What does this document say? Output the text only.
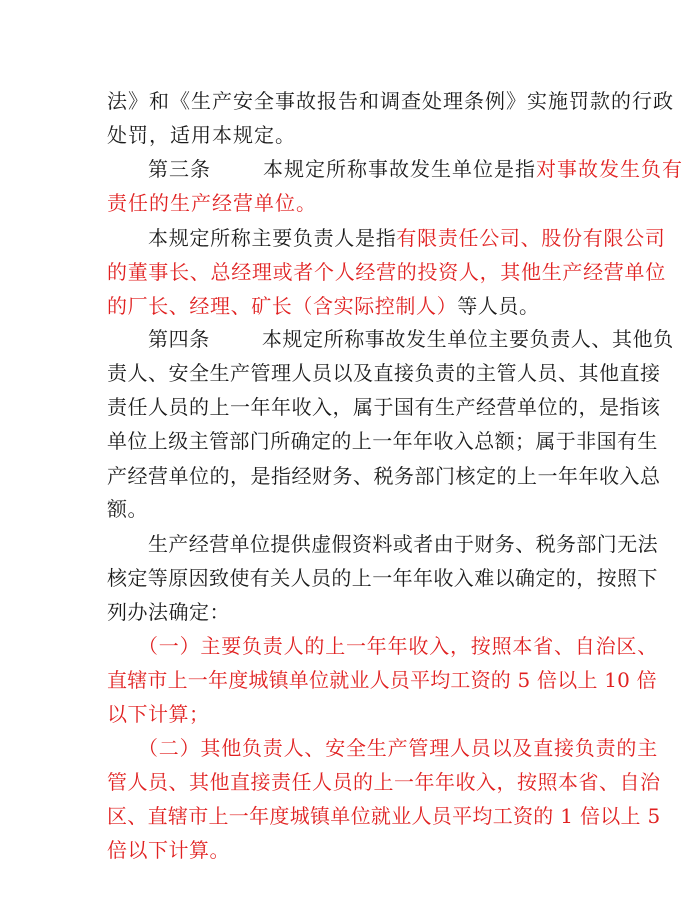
法》和《生产安全事故报告和调查处理条例》实施罚款的行政
处罚，适用本规定。
第三条	本规定所称事故发生单位是指对事故发生负有
责任的生产经营单位。
本规定所称主要负责人是指有限责任公司、股份有限公司
的董事长、总经理或者个人经营的投资人，其他生产经营单位
的厂长、经理、矿长（含实际控制人）等人员。
第四条	本规定所称事故发生单位主要负责人、其他负
责人、安全生产管理人员以及直接负责的主管人员、其他直接
责任人员的上一年年收入，属于国有生产经营单位的，是指该
单位上级主管部门所确定的上一年年收入总额；属于非国有生
产经营单位的，是指经财务、税务部门核定的上一年年收入总
额。
生产经营单位提供虚假资料或者由于财务、税务部门无法
核定等原因致使有关人员的上一年年收入难以确定的，按照下
列办法确定：
（一）主要负责人的上一年年收入，按照本省、自治区、
直辖市上一年度城镇单位就业人员平均工资的 5 倍以上 10 倍
以下计算；
（二）其他负责人、安全生产管理人员以及直接负责的主
管人员、其他直接责任人员的上一年年收入，按照本省、自治
区、直辖市上一年度城镇单位就业人员平均工资的 1 倍以上 5
倍以下计算。
